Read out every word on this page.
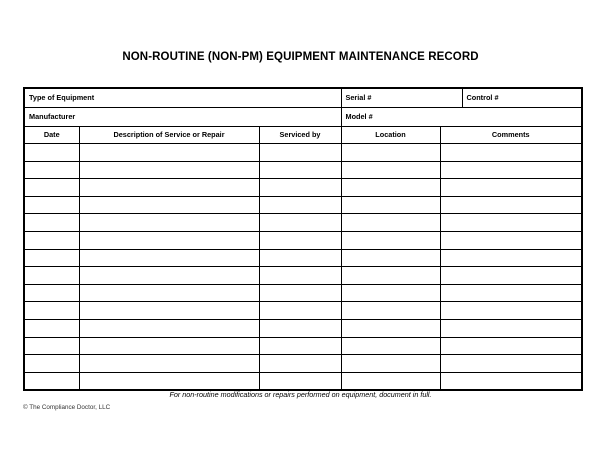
NON-ROUTINE (NON-PM) EQUIPMENT MAINTENANCE RECORD
Type of Equipment			Serial #		Control #
Manufacturer			Model #		
Date	Description of Service or Repair	Serviced by	Location	Comments	

For non-routine modifications or repairs performed on equipment, document in full.
© The Compliance Doctor, LLC
